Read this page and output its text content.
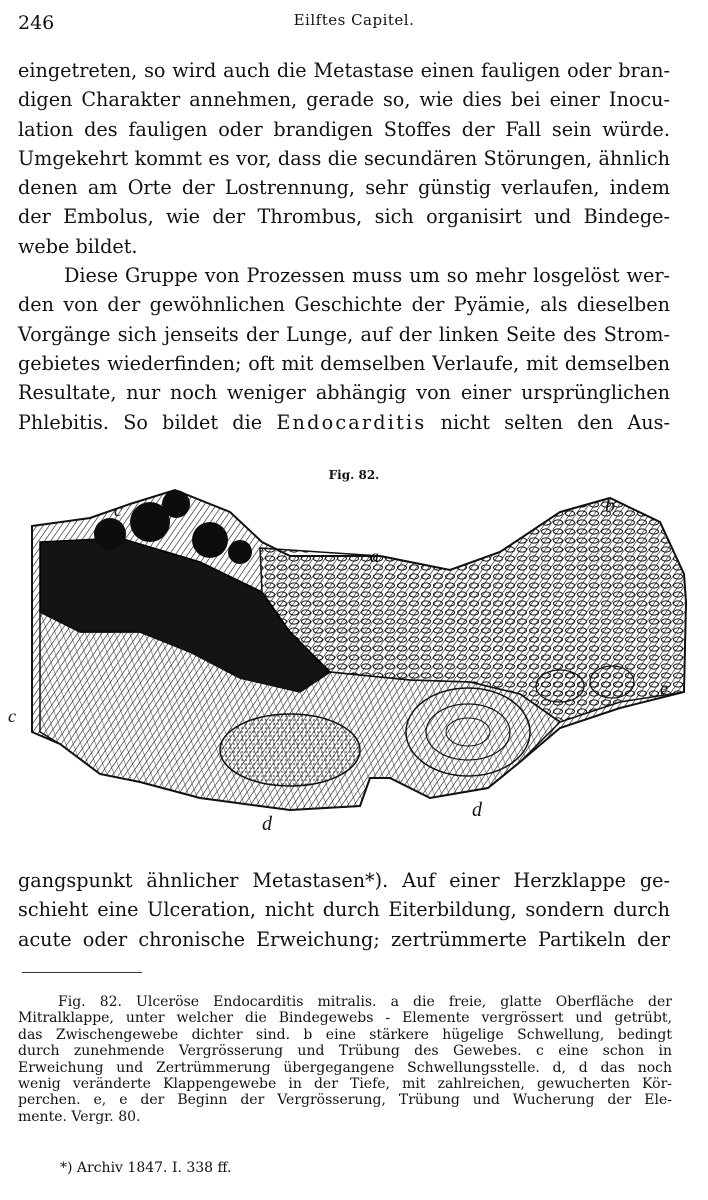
246	Eilftes Capitel.
eingetreten, so wird auch die Metastase einen fauligen oder bran-
digen Charakter annehmen, gerade so, wie dies bei einer Inocu-
lation des fauligen oder brandigen Stoffes der Fall sein würde.
Umgekehrt kommt es vor, dass die secundären Störungen, ähnlich
denen am Orte der Lostrennung, sehr günstig verlaufen, indem
der Embolus, wie der Thrombus, sich organisirt und Bindege-
webe bildet.
Diese Gruppe von Prozessen muss um so mehr losgelöst wer-
den von der gewöhnlichen Geschichte der Pyämie, als dieselben
Vorgänge sich jenseits der Lunge, auf der linken Seite des Strom-
gebietes wiederfinden; oft mit demselben Verlaufe, mit demselben
Resultate, nur noch weniger abhängig von einer ursprünglichen
Phlebitis. So bildet die Endocarditis nicht selten den Aus-
Fig. 82.
c
a
b
c
e
d
d
gangspunkt ähnlicher Metastasen*). Auf einer Herzklappe ge-
schieht eine Ulceration, nicht durch Eiterbildung, sondern durch
acute oder chronische Erweichung; zertrümmerte Partikeln der
Fig. 82. Ulceröse Endocarditis mitralis. a die freie, glatte Oberfläche der
Mitralklappe, unter welcher die Bindegewebs - Elemente vergrössert und getrübt,
das Zwischengewebe dichter sind. b eine stärkere hügelige Schwellung, bedingt
durch zunehmende Vergrösserung und Trübung des Gewebes. c eine schon in
Erweichung und Zertrümmerung übergegangene Schwellungsstelle. d, d das noch
wenig veränderte Klappengewebe in der Tiefe, mit zahlreichen, gewucherten Kör-
perchen. e, e der Beginn der Vergrösserung, Trübung und Wucherung der Ele-
mente. Vergr. 80.
*) Archiv 1847. I. 338 ff.
